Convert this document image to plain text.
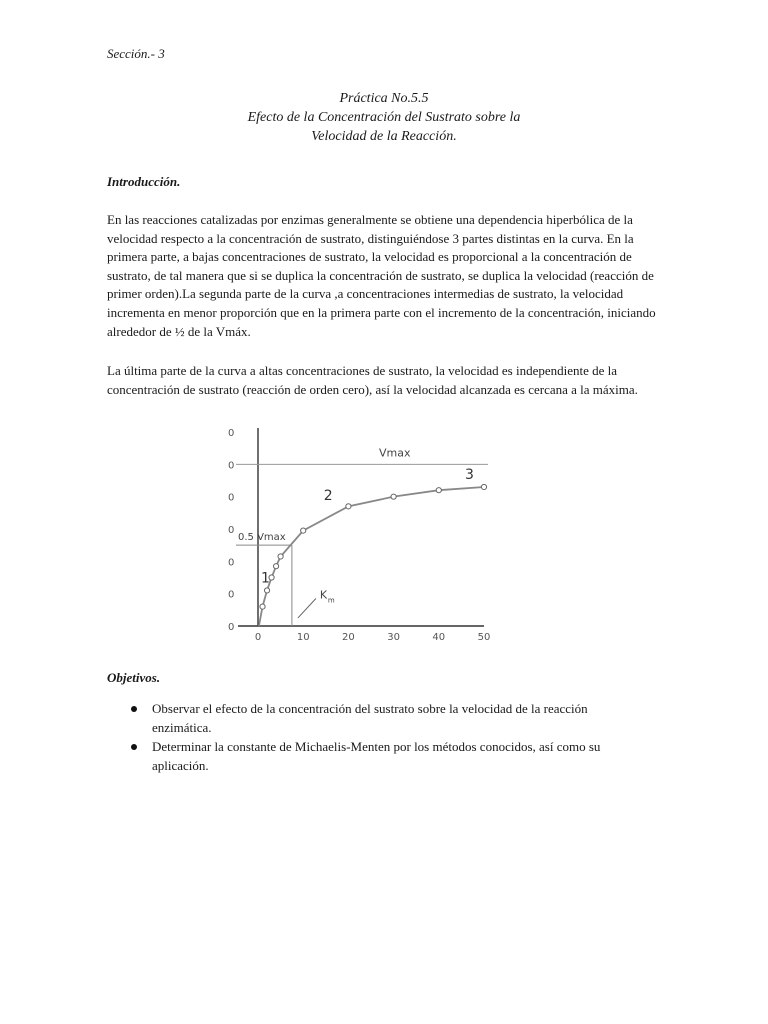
Sección.- 3
Práctica No.5.5
Efecto de la Concentración del Sustrato sobre la
Velocidad de la Reacción.
Introducción.

En las reacciones catalizadas por enzimas generalmente se obtiene una dependencia hiperbólica de la velocidad respecto a la concentración de sustrato, distinguiéndose 3 partes distintas en la curva. En la primera parte, a bajas concentraciones de sustrato, la velocidad es proporcional a la concentración de sustrato, de tal manera que si se duplica la concentración de sustrato, se duplica la velocidad (reacción de primer orden).La segunda parte de la curva ,a concentraciones intermedias de sustrato, la velocidad incrementa en menor proporción que en la primera parte con el incremento de la concentración, iniciando alrededor de ½ de la Vmáx.

La última parte de la curva a altas concentraciones de sustrato, la velocidad es independiente de la concentración de sustrato (reacción de orden cero), así la velocidad alcanzada es cercana a la máxima.

0	10	20	30	40	50
0
0
0
0
0
0
0
Vmax
0.5 Vmax
1
2
3
K m
Objetivos.
Observar el efecto de la concentración del sustrato sobre la velocidad de la reacción
enzimática.
Determinar la constante de Michaelis-Menten por los métodos conocidos, así como su
aplicación.
